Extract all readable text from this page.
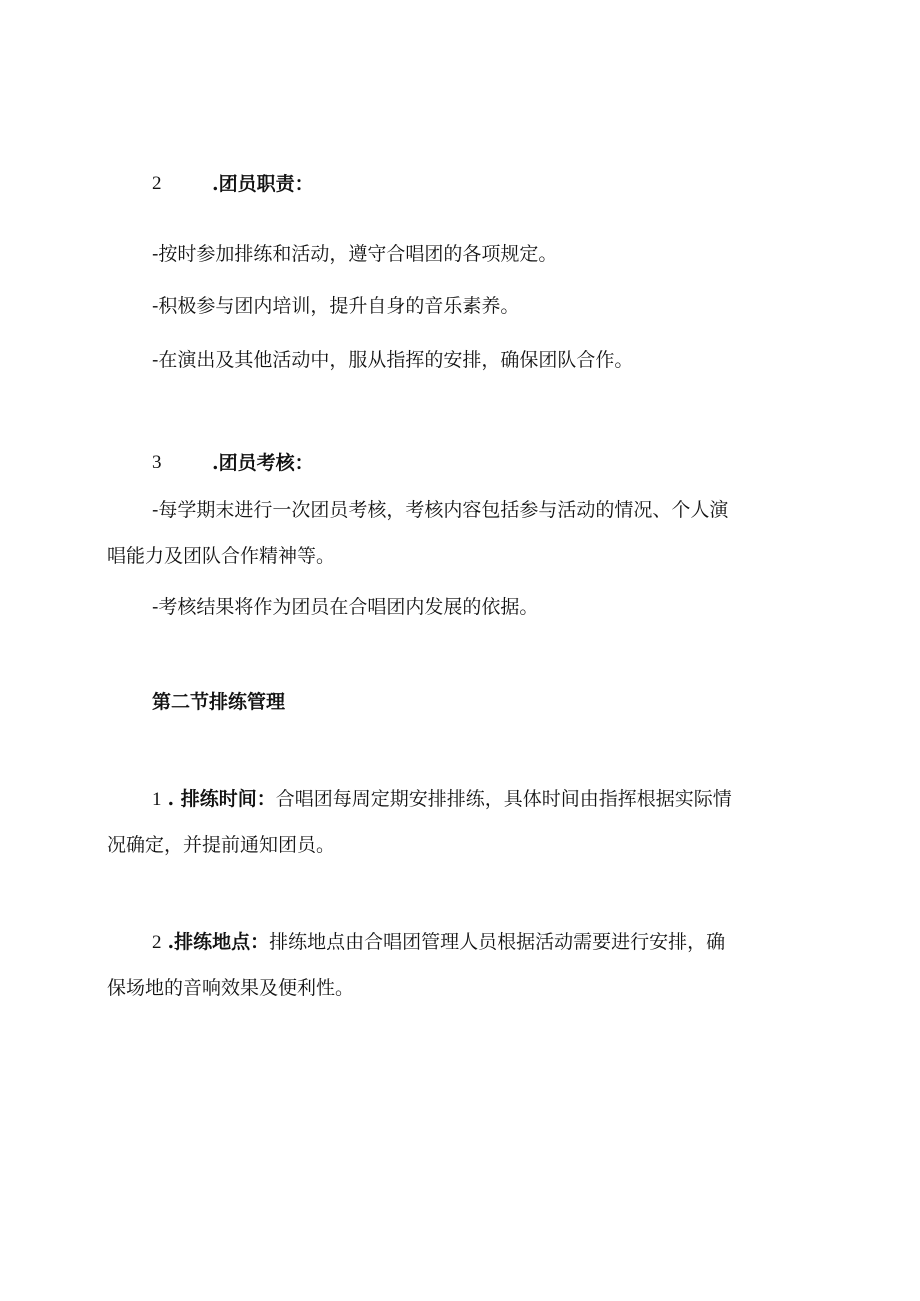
2	.团员职责：
-按时参加排练和活动，遵守合唱团的各项规定。
-积极参与团内培训，提升自身的音乐素养。
-在演出及其他活动中，服从指挥的安排，确保团队合作。
3	.团员考核：
-每学期末进行一次团员考核，考核内容包括参与活动的情况、个人演
唱能力及团队合作精神等。
-考核结果将作为团员在合唱团内发展的依据。
第二节排练管理
1 . 排练时间：合唱团每周定期安排排练，具体时间由指挥根据实际情
况确定，并提前通知团员。
2 .排练地点：排练地点由合唱团管理人员根据活动需要进行安排，确
保场地的音响效果及便利性。
